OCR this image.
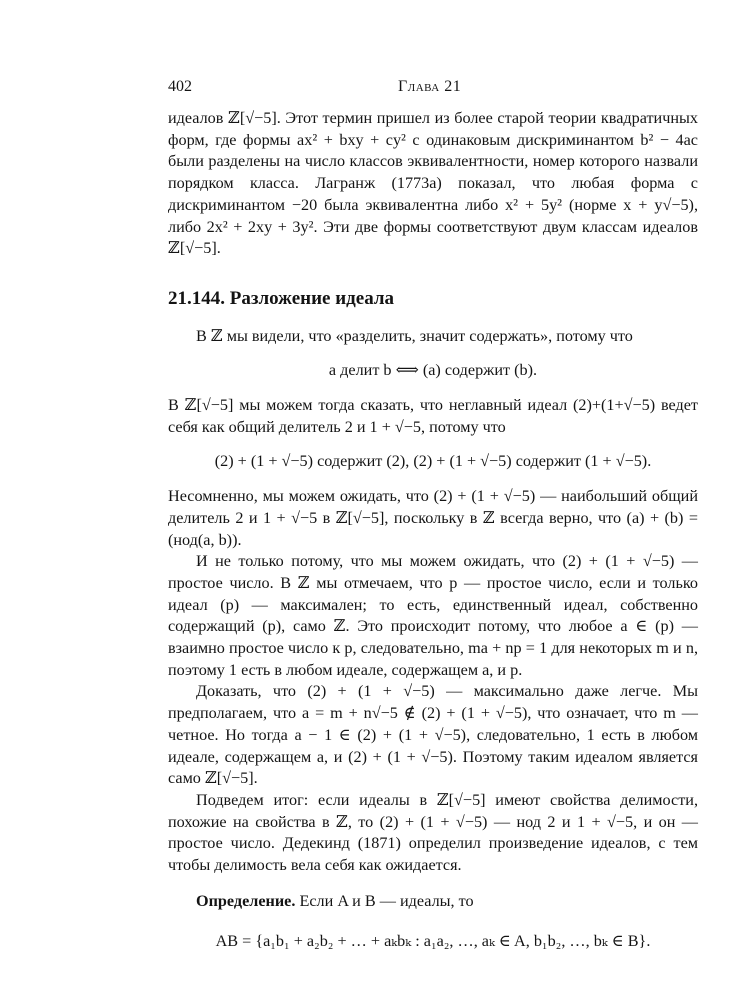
402	Глава 21

идеалов ℤ[√−5]. Этот термин пришел из более старой теории квадратичных форм, где формы ax² + bxy + cy² с одинаковым дискриминантом b² − 4ac были разделены на число классов эквивалентности, номер которого назвали порядком класса. Лагранж (1773a) показал, что любая форма с дискриминантом −20 была эквивалентна либо x² + 5y² (норме x + y√−5), либо 2x² + 2xy + 3y². Эти две формы соответствуют двум классам идеалов ℤ[√−5].

21.144. Разложение идеала

В ℤ мы видели, что «разделить, значит содержать», потому что

a делит b ⟺ (a) содержит (b).

В ℤ[√−5] мы можем тогда сказать, что неглавный идеал (2)+(1+√−5) ведет себя как общий делитель 2 и 1 + √−5, потому что

(2) + (1 + √−5) содержит (2), (2) + (1 + √−5) содержит (1 + √−5).

Несомненно, мы можем ожидать, что (2) + (1 + √−5) — наибольший общий делитель 2 и 1 + √−5 в ℤ[√−5], поскольку в ℤ всегда верно, что (a) + (b) = (нод(a, b)).

И не только потому, что мы можем ожидать, что (2) + (1 + √−5) — простое число. В ℤ мы отмечаем, что p — простое число, если и только идеал (p) — максимален; то есть, единственный идеал, собственно содержащий (p), само ℤ. Это происходит потому, что любое a ∈ (p) — взаимно простое число к p, следовательно, ma + np = 1 для некоторых m и n, поэтому 1 есть в любом идеале, содержащем a, и p.

Доказать, что (2) + (1 + √−5) — максимально даже легче. Мы предполагаем, что a = m + n√−5 ∉ (2) + (1 + √−5), что означает, что m — четное. Но тогда a − 1 ∈ (2) + (1 + √−5), следовательно, 1 есть в любом идеале, содержащем a, и (2) + (1 + √−5). Поэтому таким идеалом является само ℤ[√−5].

Подведем итог: если идеалы в ℤ[√−5] имеют свойства делимости, похожие на свойства в ℤ, то (2) + (1 + √−5) — нод 2 и 1 + √−5, и он — простое число. Дедекинд (1871) определил произведение идеалов, с тем чтобы делимость вела себя как ожидается.

Определение. Если A и B — идеалы, то

AB = {a₁b₁ + a₂b₂ + … + aₖbₖ : a₁a₂, …, aₖ ∈ A, b₁b₂, …, bₖ ∈ B}.
